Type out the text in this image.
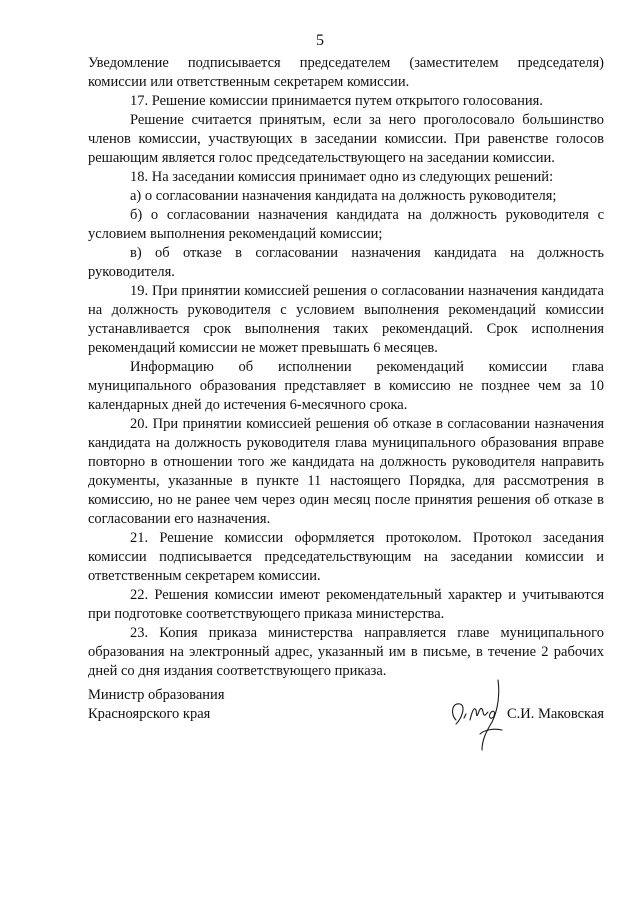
5

Уведомление подписывается председателем (заместителем председателя) комиссии или ответственным секретарем комиссии.

17. Решение комиссии принимается путем открытого голосования.

Решение считается принятым, если за него проголосовало большинство членов комиссии, участвующих в заседании комиссии. При равенстве голосов решающим является голос председательствующего на заседании комиссии.

18. На заседании комиссия принимает одно из следующих решений:

а) о согласовании назначения кандидата на должность руководителя;

б) о согласовании назначения кандидата на должность руководителя с условием выполнения рекомендаций комиссии;

в) об отказе в согласовании назначения кандидата на должность руководителя.

19. При принятии комиссией решения о согласовании назначения кандидата на должность руководителя с условием выполнения рекомендаций комиссии устанавливается срок выполнения таких рекомендаций. Срок исполнения рекомендаций комиссии не может превышать 6 месяцев.

Информацию об исполнении рекомендаций комиссии глава муниципального образования представляет в комиссию не позднее чем за 10 календарных дней до истечения 6-месячного срока.

20. При принятии комиссией решения об отказе в согласовании назначения кандидата на должность руководителя глава муниципального образования вправе повторно в отношении того же кандидата на должность руководителя направить документы, указанные в пункте 11 настоящего Порядка, для рассмотрения в комиссию, но не ранее чем через один месяц после принятия решения об отказе в согласовании его назначения.

21. Решение комиссии оформляется протоколом. Протокол заседания комиссии подписывается председательствующим на заседании комиссии и ответственным секретарем комиссии.

22. Решения комиссии имеют рекомендательный характер и учитываются при подготовке соответствующего приказа министерства.

23. Копия приказа министерства направляется главе муниципального образования на электронный адрес, указанный им в письме, в течение 2 рабочих дней со дня издания соответствующего приказа.

Министр образования
Красноярского края	С.И. Маковская
